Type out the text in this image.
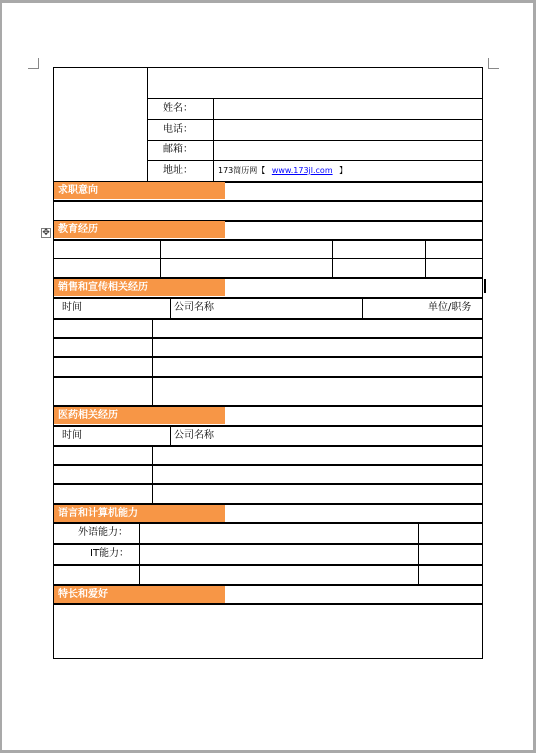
✥
姓名：
电话：
邮箱：
地址：	173简历网【 www.173jl.com 】
求职意向
教育经历
销售和宣传相关经历
时间	公司名称	单位/职务
医药相关经历
时间	公司名称
语言和计算机能力
外语能力：
IT能力：
特长和爱好
